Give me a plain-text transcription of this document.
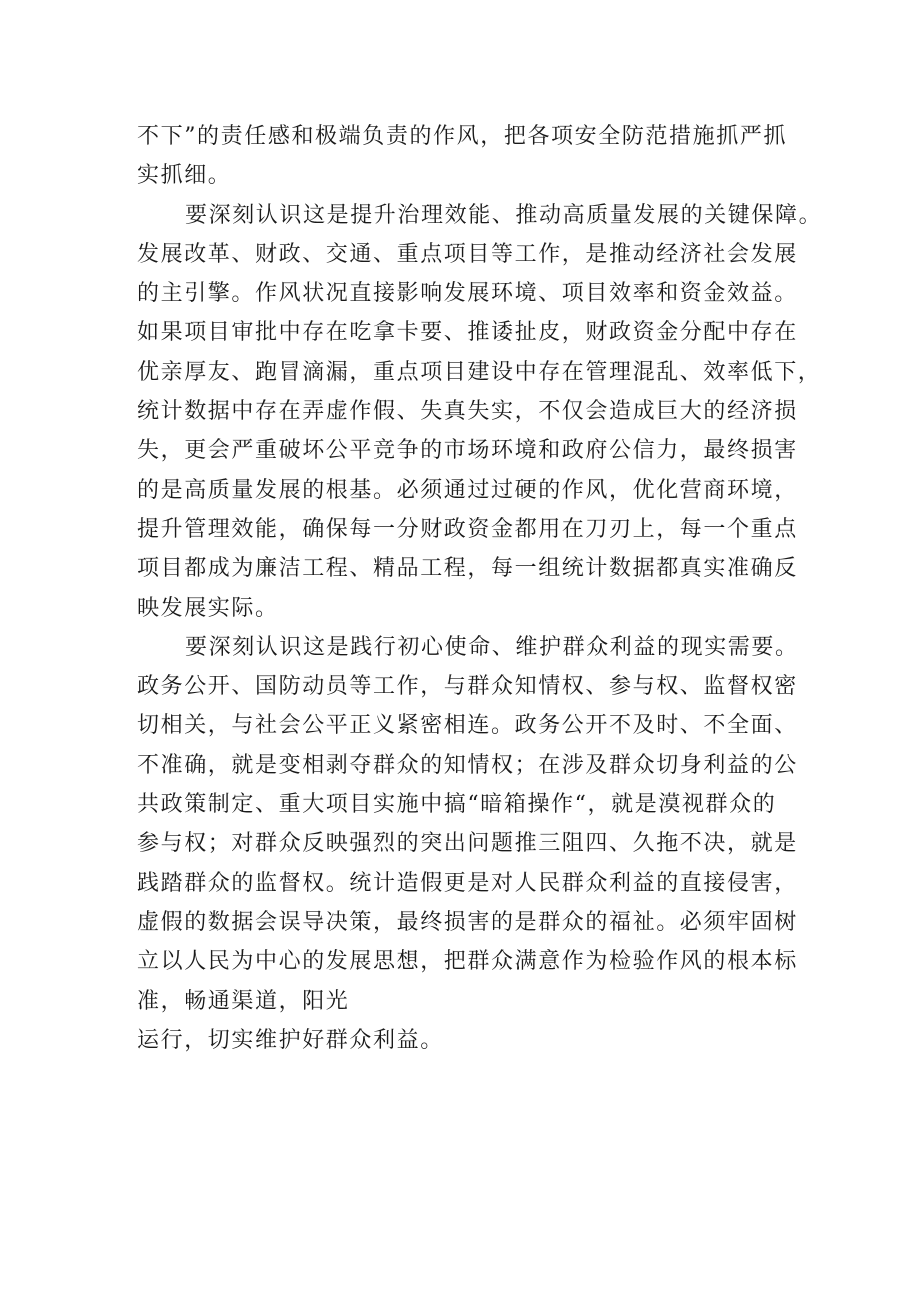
不下”的责任感和极端负责的作风，把各项安全防范措施抓严抓
实抓细。
要深刻认识这是提升治理效能、推动高质量发展的关键保障。
发展改革、财政、交通、重点项目等工作，是推动经济社会发展
的主引擎。作风状况直接影响发展环境、项目效率和资金效益。
如果项目审批中存在吃拿卡要、推诿扯皮，财政资金分配中存在
优亲厚友、跑冒滴漏，重点项目建设中存在管理混乱、效率低下，
统计数据中存在弄虚作假、失真失实，不仅会造成巨大的经济损
失，更会严重破坏公平竞争的市场环境和政府公信力，最终损害
的是高质量发展的根基。必须通过过硬的作风，优化营商环境，
提升管理效能，确保每一分财政资金都用在刀刃上，每一个重点
项目都成为廉洁工程、精品工程，每一组统计数据都真实准确反
映发展实际。
要深刻认识这是践行初心使命、维护群众利益的现实需要。
政务公开、国防动员等工作，与群众知情权、参与权、监督权密
切相关，与社会公平正义紧密相连。政务公开不及时、不全面、
不准确，就是变相剥夺群众的知情权；在涉及群众切身利益的公
共政策制定、重大项目实施中搞“暗箱操作“，就是漠视群众的
参与权；对群众反映强烈的突出问题推三阻四、久拖不决，就是
践踏群众的监督权。统计造假更是对人民群众利益的直接侵害，
虚假的数据会误导决策，最终损害的是群众的福祉。必须牢固树
立以人民为中心的发展思想，把群众满意作为检验作风的根本标
准，畅通渠道，阳光
运行，切实维护好群众利益。
